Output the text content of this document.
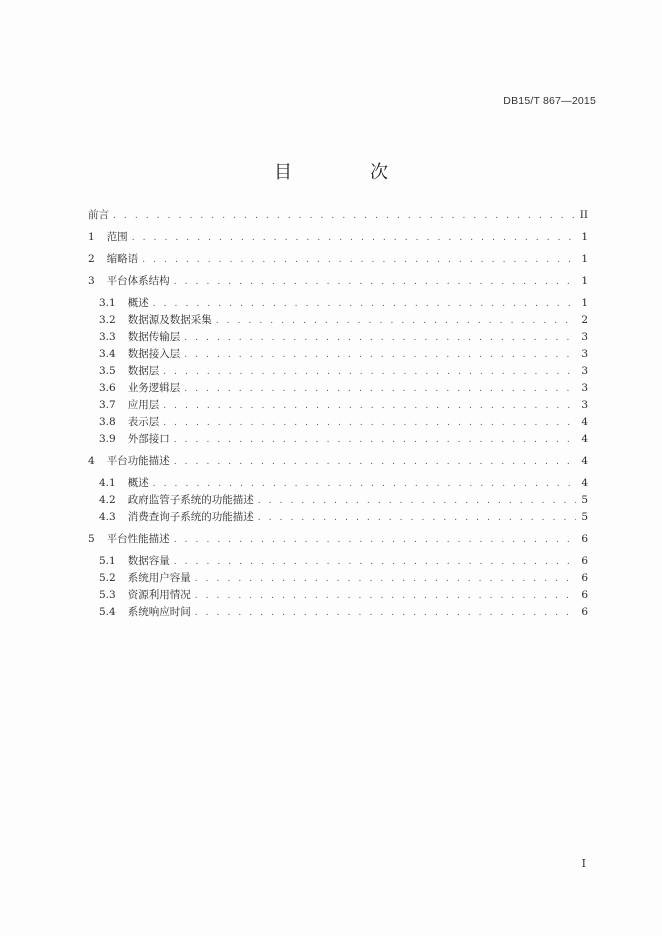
DB15/T 867—2015
目　次
前言 . . .	II
1 范围 . . .	1
2 缩略语 . . .	1
3 平台体系结构 . . .	1
3.1 概述 . . .	1
3.2 数据源及数据采集 . . .	2
3.3 数据传输层 . . .	3
3.4 数据接入层 . . .	3
3.5 数据层 . . .	3
3.6 业务逻辑层 . . .	3
3.7 应用层 . . .	3
3.8 表示层 . . .	4
3.9 外部接口 . . .	4
4 平台功能描述 . . .	4
4.1 概述 . . .	4
4.2 政府监管子系统的功能描述 . . .	5
4.3 消费查询子系统的功能描述 . . .	5
5 平台性能描述 . . .	6
5.1 数据容量 . . .	6
5.2 系统用户容量 . . .	6
5.3 资源利用情况 . . .	6
5.4 系统响应时间 . . .	6
I
